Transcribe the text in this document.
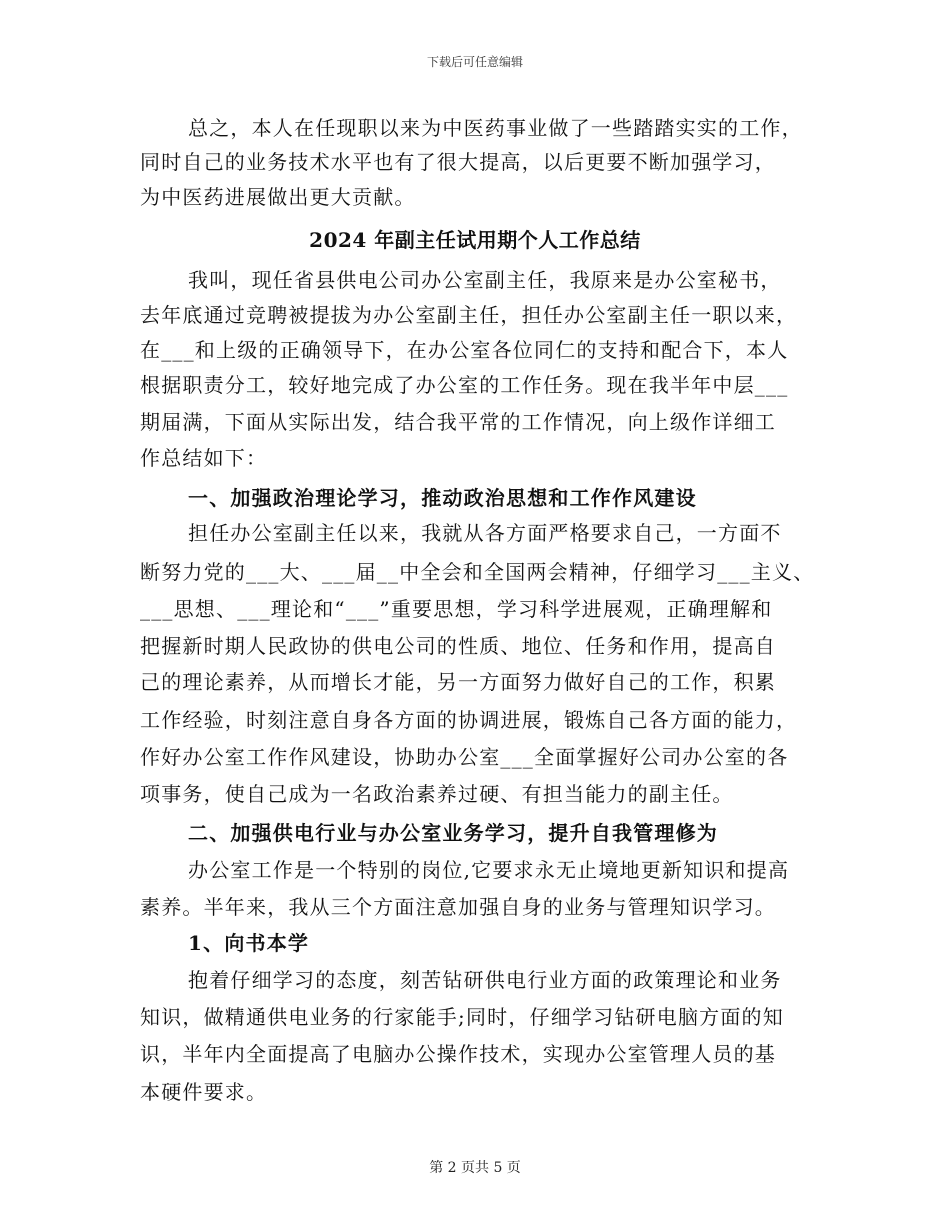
下载后可任意编辑
总之，本人在任现职以来为中医药事业做了一些踏踏实实的工作，
同时自己的业务技术水平也有了很大提高，以后更要不断加强学习，
为中医药进展做出更大贡献。
2024 年副主任试用期个人工作总结
我叫，现任省县供电公司办公室副主任，我原来是办公室秘书，
去年底通过竞聘被提拔为办公室副主任，担任办公室副主任一职以来，
在___和上级的正确领导下，在办公室各位同仁的支持和配合下，本人
根据职责分工，较好地完成了办公室的工作任务。现在我半年中层___
期届满，下面从实际出发，结合我平常的工作情况，向上级作详细工
作总结如下：
一、加强政治理论学习，推动政治思想和工作作风建设
担任办公室副主任以来，我就从各方面严格要求自己，一方面不
断努力党的___大、___届__中全会和全国两会精神，仔细学习___主义、
___思想、___理论和“___”重要思想，学习科学进展观，正确理解和
把握新时期人民政协的供电公司的性质、地位、任务和作用，提高自
己的理论素养，从而增长才能，另一方面努力做好自己的工作，积累
工作经验，时刻注意自身各方面的协调进展，锻炼自己各方面的能力，
作好办公室工作作风建设，协助办公室___全面掌握好公司办公室的各
项事务，使自己成为一名政治素养过硬、有担当能力的副主任。
二、加强供电行业与办公室业务学习，提升自我管理修为
办公室工作是一个特别的岗位,它要求永无止境地更新知识和提高
素养。半年来，我从三个方面注意加强自身的业务与管理知识学习。
1、向书本学
抱着仔细学习的态度，刻苦钻研供电行业方面的政策理论和业务
知识，做精通供电业务的行家能手;同时，仔细学习钻研电脑方面的知
识，半年内全面提高了电脑办公操作技术，实现办公室管理人员的基
本硬件要求。
第 2 页共 5 页
